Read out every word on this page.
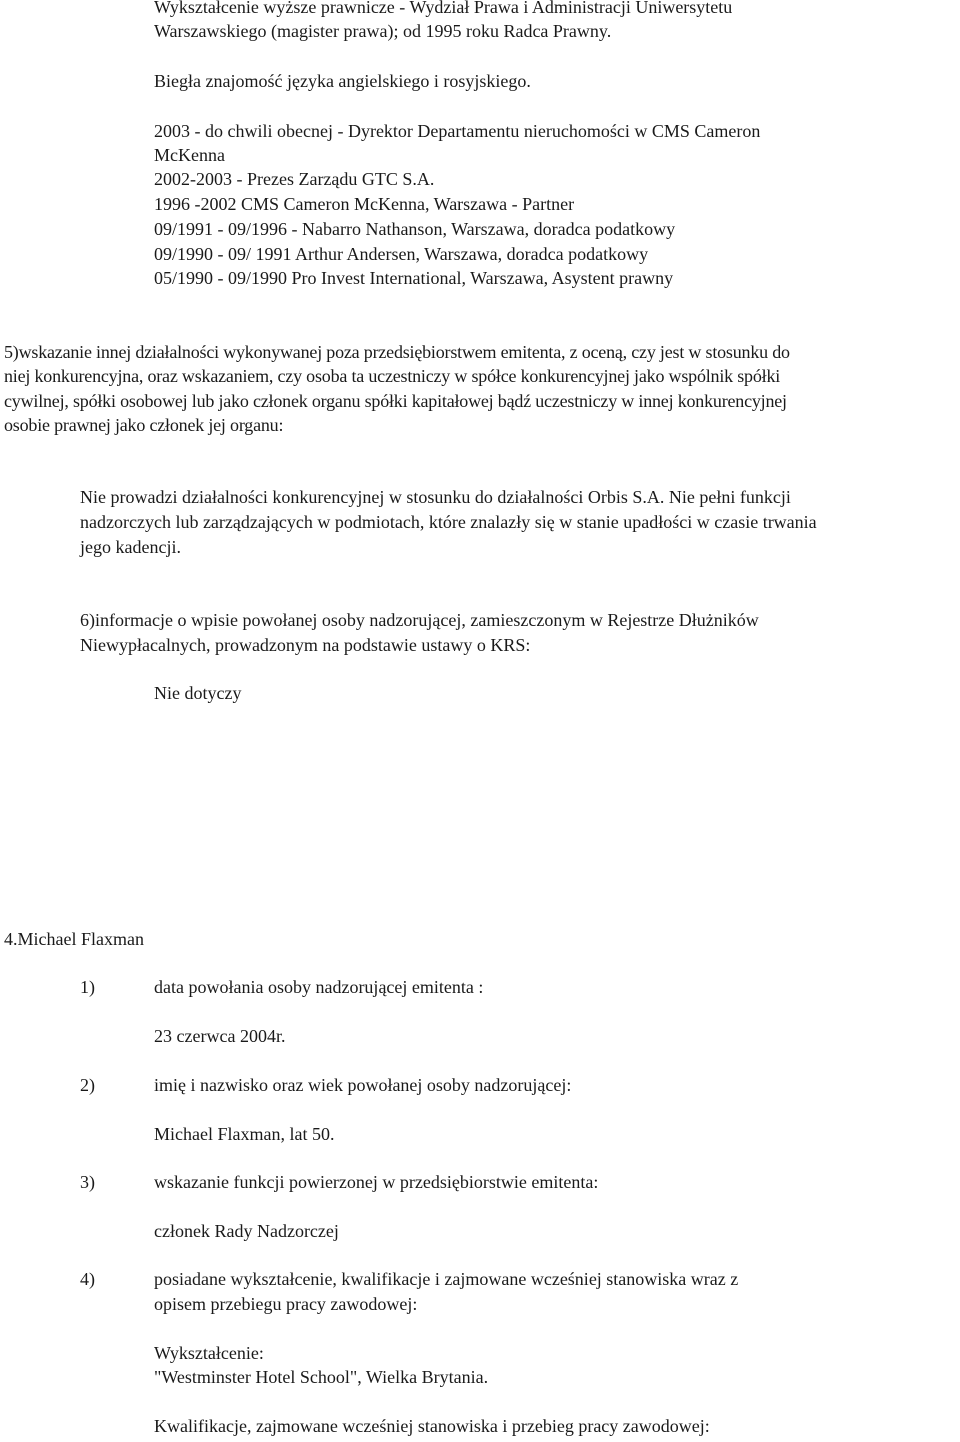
Wykształcenie wyższe prawnicze - Wydział Prawa i Administracji Uniwersytetu
Warszawskiego (magister prawa); od 1995 roku Radca Prawny.
Biegła znajomość języka angielskiego i rosyjskiego.
2003 - do chwili obecnej - Dyrektor Departamentu nieruchomości w CMS Cameron
McKenna
2002-2003 - Prezes Zarządu GTC S.A.
1996 -2002 CMS Cameron McKenna, Warszawa - Partner
09/1991 - 09/1996 - Nabarro Nathanson, Warszawa, doradca podatkowy
09/1990 - 09/ 1991 Arthur Andersen, Warszawa, doradca podatkowy
05/1990 - 09/1990 Pro Invest International, Warszawa, Asystent prawny
5)wskazanie innej działalności wykonywanej poza przedsiębiorstwem emitenta, z oceną, czy jest w stosunku do
niej konkurencyjna, oraz wskazaniem, czy osoba ta uczestniczy w spółce konkurencyjnej jako wspólnik spółki
cywilnej, spółki osobowej lub jako członek organu spółki kapitałowej bądź uczestniczy w innej konkurencyjnej
osobie prawnej jako członek jej organu:
Nie prowadzi działalności konkurencyjnej w stosunku do działalności Orbis S.A. Nie pełni funkcji
nadzorczych lub zarządzających w podmiotach, które znalazły się w stanie upadłości w czasie trwania
jego kadencji.
6)informacje o wpisie powołanej osoby nadzorującej, zamieszczonym w Rejestrze Dłużników
Niewypłacalnych, prowadzonym na podstawie ustawy o KRS:
Nie dotyczy
4.Michael Flaxman
1)	data powołania osoby nadzorującej emitenta :
23 czerwca 2004r.
2)	imię i nazwisko oraz wiek powołanej osoby nadzorującej:
Michael Flaxman, lat 50.
3)	wskazanie funkcji powierzonej w przedsiębiorstwie emitenta:
członek Rady Nadzorczej
4)	posiadane wykształcenie, kwalifikacje i zajmowane wcześniej stanowiska wraz z
opisem przebiegu pracy zawodowej:
Wykształcenie:
"Westminster Hotel School", Wielka Brytania.
Kwalifikacje, zajmowane wcześniej stanowiska i przebieg pracy zawodowej:
